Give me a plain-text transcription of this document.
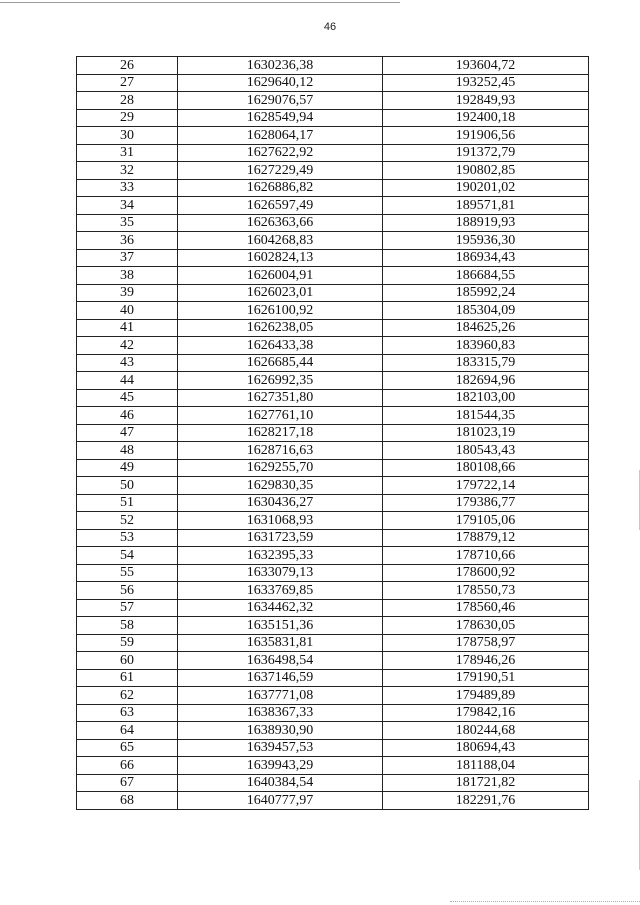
46
26	1630236,38	193604,72
27	1629640,12	193252,45
28	1629076,57	192849,93
29	1628549,94	192400,18
30	1628064,17	191906,56
31	1627622,92	191372,79
32	1627229,49	190802,85
33	1626886,82	190201,02
34	1626597,49	189571,81
35	1626363,66	188919,93
36	1604268,83	195936,30
37	1602824,13	186934,43
38	1626004,91	186684,55
39	1626023,01	185992,24
40	1626100,92	185304,09
41	1626238,05	184625,26
42	1626433,38	183960,83
43	1626685,44	183315,79
44	1626992,35	182694,96
45	1627351,80	182103,00
46	1627761,10	181544,35
47	1628217,18	181023,19
48	1628716,63	180543,43
49	1629255,70	180108,66
50	1629830,35	179722,14
51	1630436,27	179386,77
52	1631068,93	179105,06
53	1631723,59	178879,12
54	1632395,33	178710,66
55	1633079,13	178600,92
56	1633769,85	178550,73
57	1634462,32	178560,46
58	1635151,36	178630,05
59	1635831,81	178758,97
60	1636498,54	178946,26
61	1637146,59	179190,51
62	1637771,08	179489,89
63	1638367,33	179842,16
64	1638930,90	180244,68
65	1639457,53	180694,43
66	1639943,29	181188,04
67	1640384,54	181721,82
68	1640777,97	182291,76
